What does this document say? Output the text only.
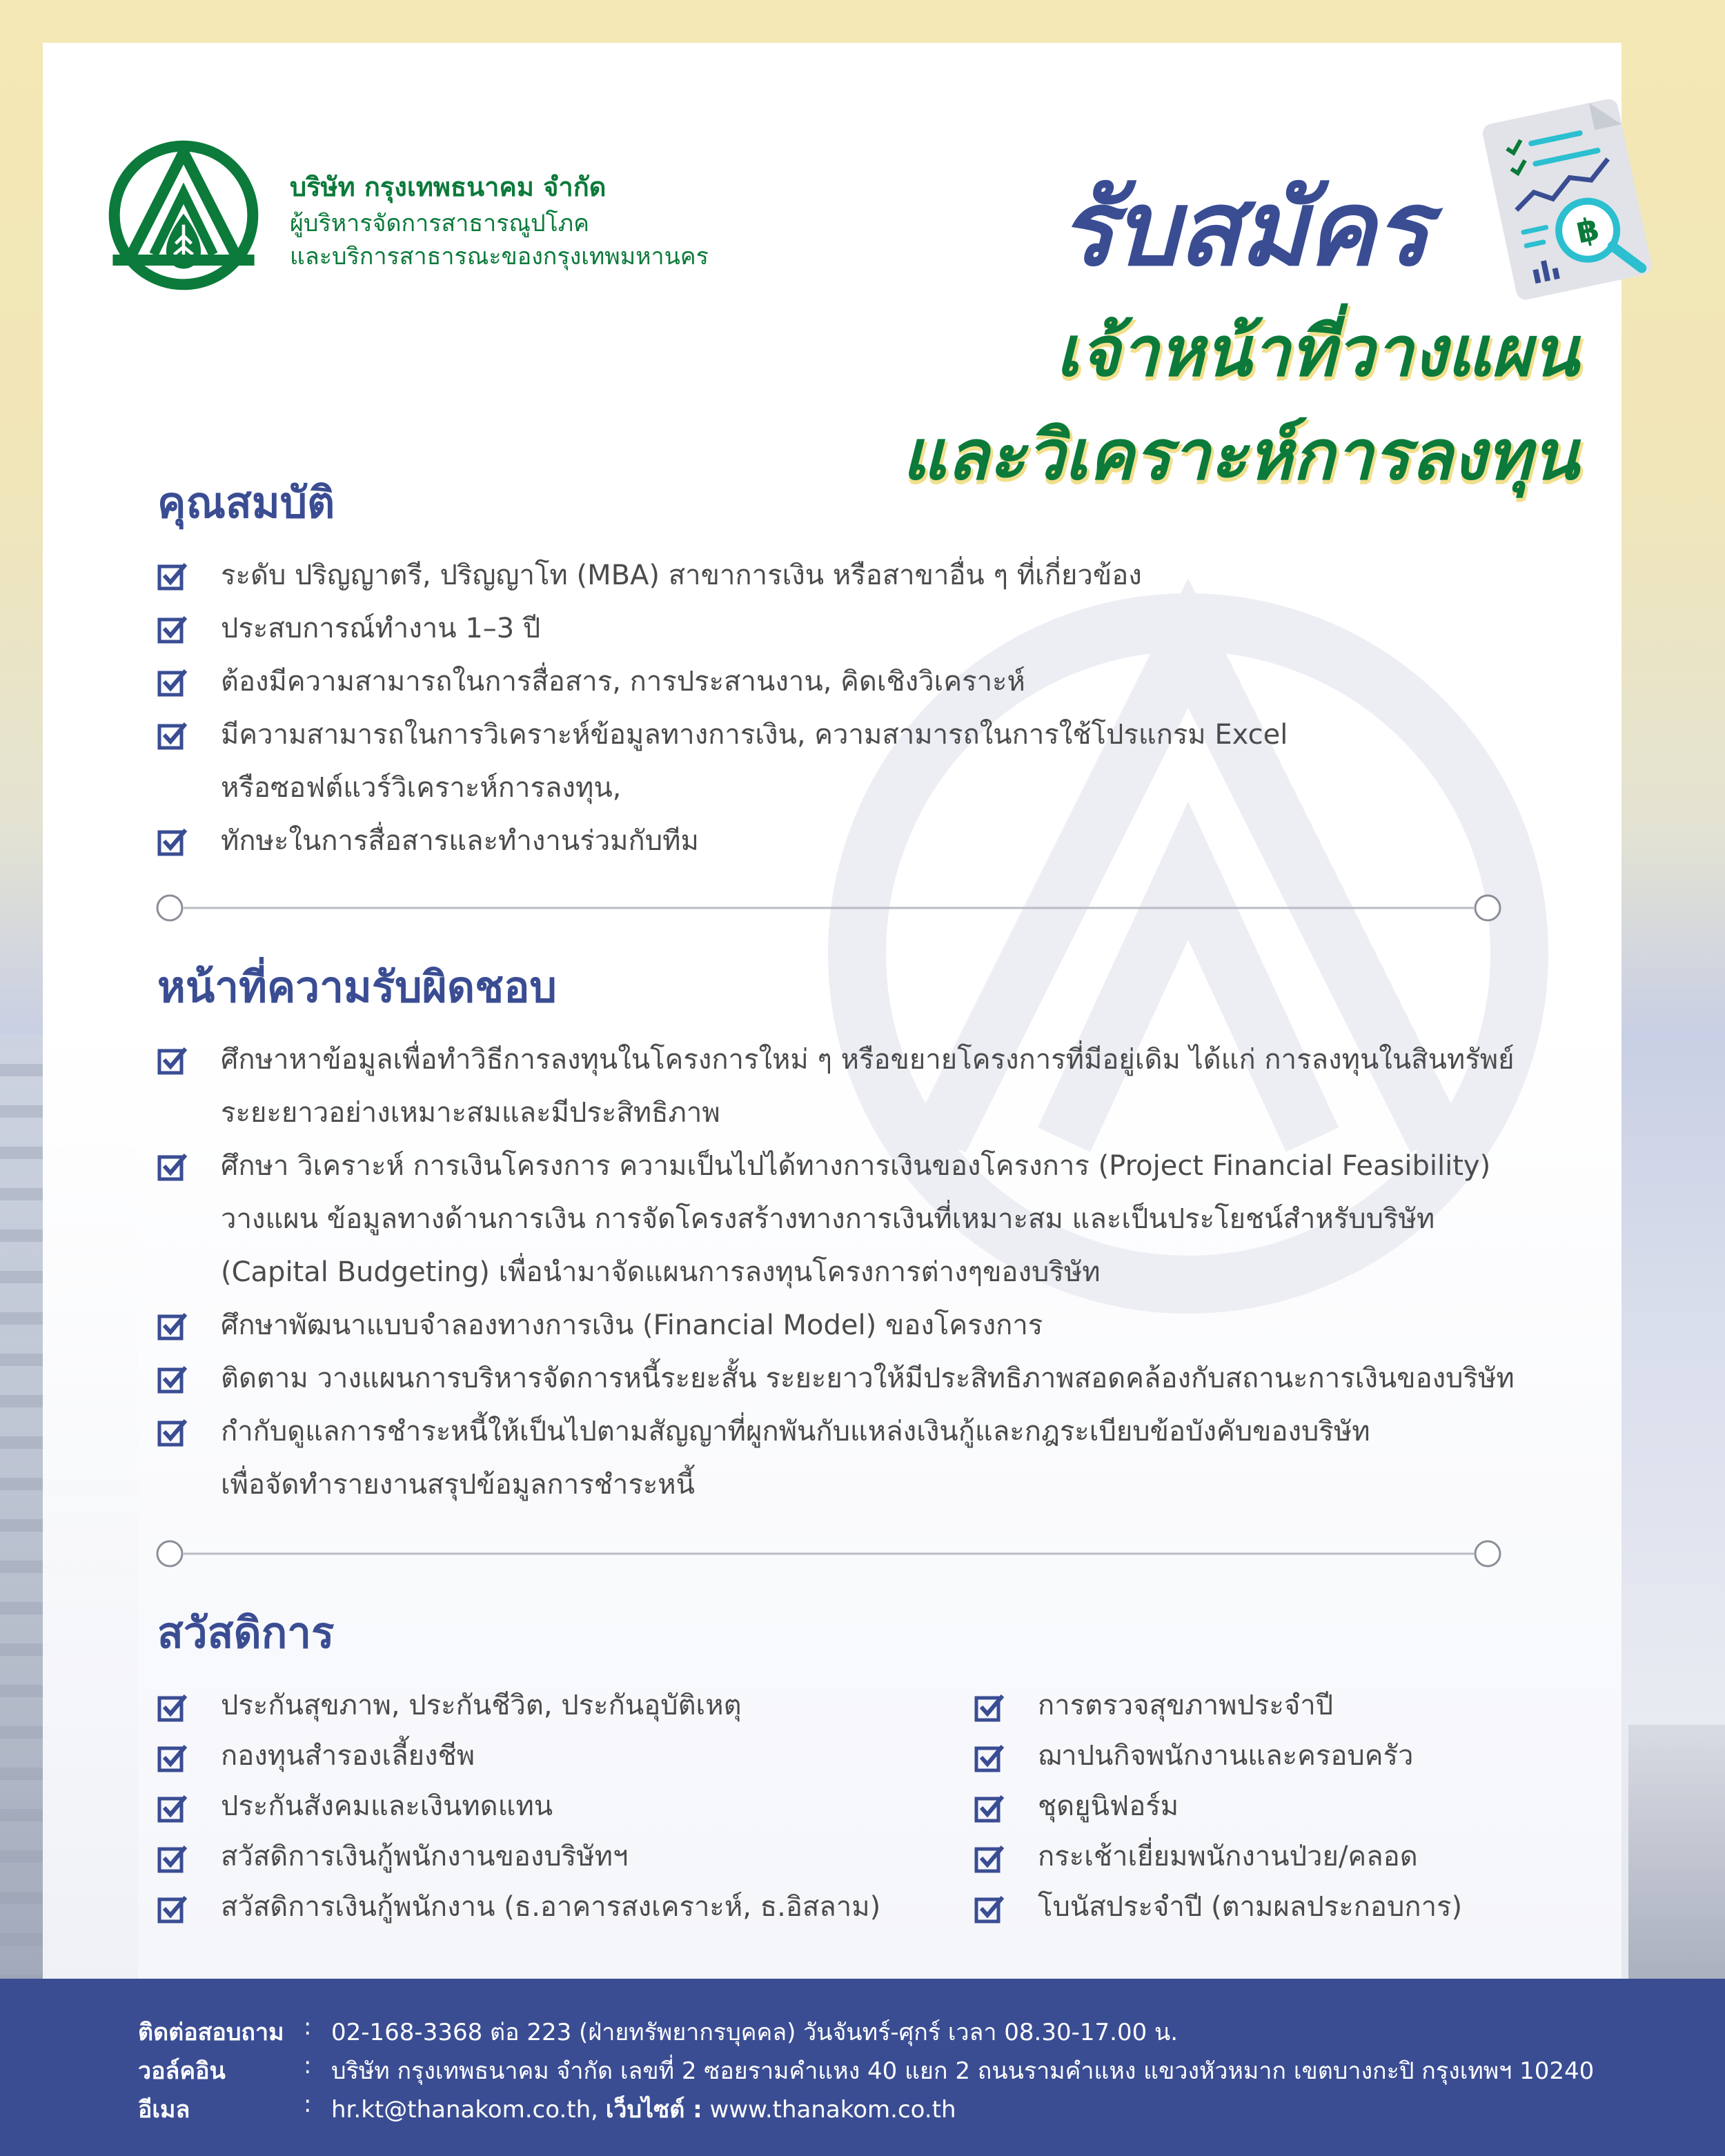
บริษัท กรุงเทพธนาคม จำกัด

ผู้บริหารจัดการสาธารณูปโภค
และบริการสาธารณะของกรุงเทพมหานคร	รับสมัคร
เจ้าหน้าที่วางแผน
และวิเคราะห์การลงทุน
฿
คุณสมบัติ
ระดับ ปริญญาตรี, ปริญญาโท (MBA) สาขาการเงิน หรือสาขาอื่น ๆ ที่เกี่ยวข้อง
ประสบการณ์ทำงาน 1–3 ปี
ต้องมีความสามารถในการสื่อสาร, การประสานงาน, คิดเชิงวิเคราะห์
มีความสามารถในการวิเคราะห์ข้อมูลทางการเงิน, ความสามารถในการใช้โปรแกรม Excel
หรือซอฟต์แวร์วิเคราะห์การลงทุน,
ทักษะในการสื่อสารและทำงานร่วมกับทีม
หน้าที่ความรับผิดชอบ
ศึกษาหาข้อมูลเพื่อทำวิธีการลงทุนในโครงการใหม่ ๆ หรือขยายโครงการที่มีอยู่เดิม ได้แก่ การลงทุนในสินทรัพย์
ระยะยาวอย่างเหมาะสมและมีประสิทธิภาพ
ศึกษา วิเคราะห์ การเงินโครงการ ความเป็นไปได้ทางการเงินของโครงการ (Project Financial Feasibility)
วางแผน ข้อมูลทางด้านการเงิน การจัดโครงสร้างทางการเงินที่เหมาะสม และเป็นประโยชน์สำหรับบริษัท
(Capital Budgeting) เพื่อนำมาจัดแผนการลงทุนโครงการต่างๆของบริษัท
ศึกษาพัฒนาแบบจำลองทางการเงิน (Financial Model) ของโครงการ
ติดตาม วางแผนการบริหารจัดการหนี้ระยะสั้น ระยะยาวให้มีประสิทธิภาพสอดคล้องกับสถานะการเงินของบริษัท
กำกับดูแลการชำระหนี้ให้เป็นไปตามสัญญาที่ผูกพันกับแหล่งเงินกู้และกฎระเบียบข้อบังคับของบริษัท
เพื่อจัดทำรายงานสรุปข้อมูลการชำระหนี้
สวัสดิการ
ประกันสุขภาพ, ประกันชีวิต, ประกันอุบัติเหตุ
กองทุนสำรองเลี้ยงชีพ
ประกันสังคมและเงินทดแทน
สวัสดิการเงินกู้พนักงานของบริษัทฯ
สวัสดิการเงินกู้พนักงาน (ธ.อาคารสงเคราะห์, ธ.อิสลาม)
การตรวจสุขภาพประจำปี
ฌาปนกิจพนักงานและครอบครัว
ชุดยูนิฟอร์ม
กระเช้าเยี่ยมพนักงานป่วย/คลอด
โบนัสประจำปี (ตามผลประกอบการ)
ติดต่อสอบถาม : 02-168-3368 ต่อ 223 (ฝ่ายทรัพยากรบุคคล) วันจันทร์-ศุกร์ เวลา 08.30-17.00 น.
วอล์คอิน	: บริษัท กรุงเทพธนาคม จำกัด เลขที่ 2 ซอยรามคำแหง 40 แยก 2 ถนนรามคำแหง แขวงหัวหมาก เขตบางกะปิ กรุงเทพฯ 10240
อีเมล	: hr.kt@thanakom.co.th, เว็บไซต์ : www.thanakom.co.th
